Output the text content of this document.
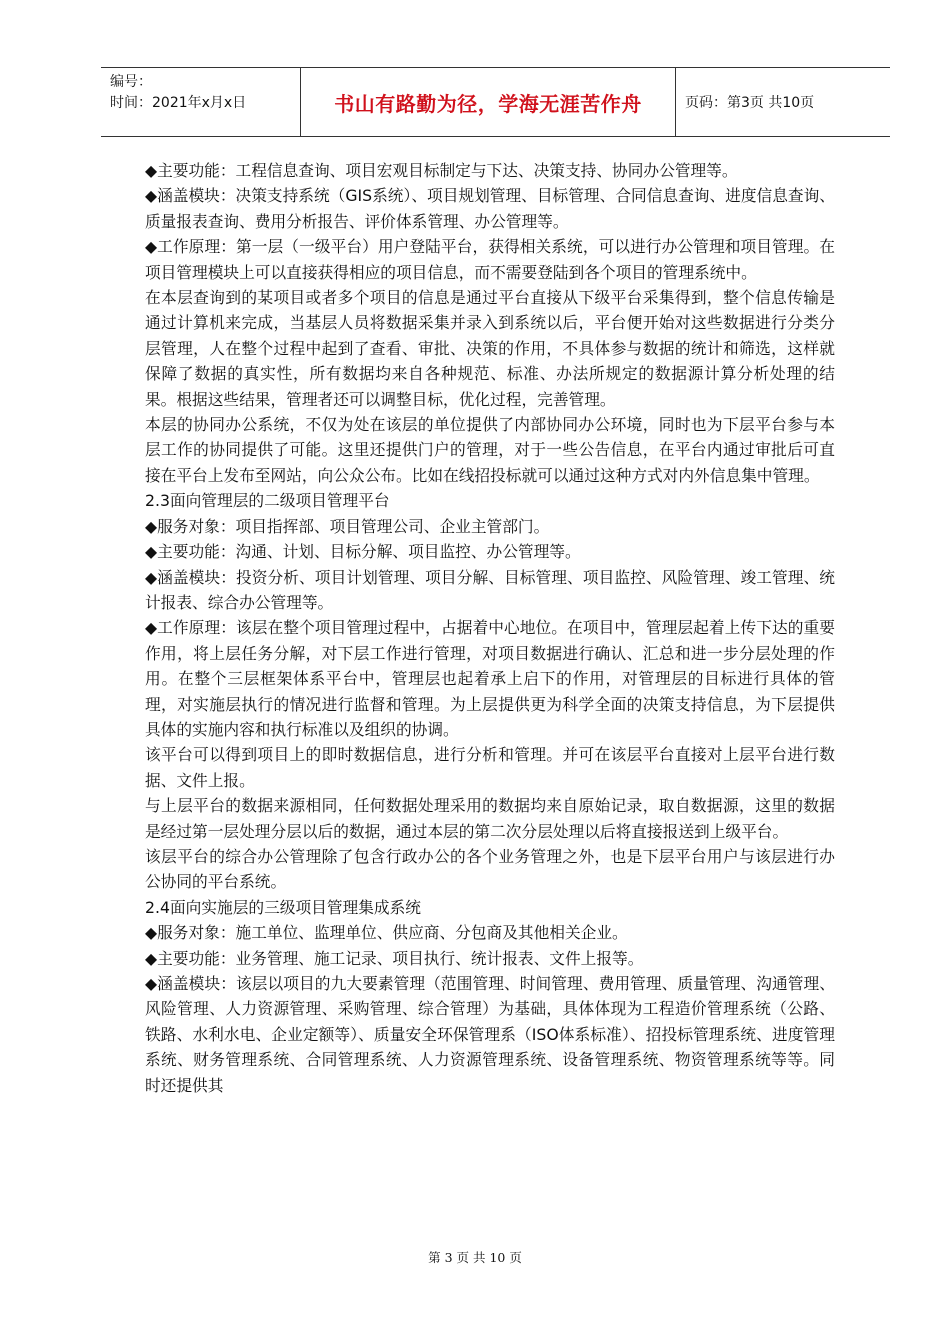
编号：
时间：2021年x月x日	书山有路勤为径，学海无涯苦作舟	页码：第3页 共10页

◆主要功能：工程信息查询、项目宏观目标制定与下达、决策支持、协同办公管理等。

◆涵盖模块：决策支持系统（GIS系统）、项目规划管理、目标管理、合同信息查询、进度信息查询、质量报表查询、费用分析报告、评价体系管理、办公管理等。

◆工作原理：第一层（一级平台）用户登陆平台，获得相关系统，可以进行办公管理和项目管理。在项目管理模块上可以直接获得相应的项目信息，而不需要登陆到各个项目的管理系统中。

在本层查询到的某项目或者多个项目的信息是通过平台直接从下级平台采集得到，整个信息传输是通过计算机来完成，当基层人员将数据采集并录入到系统以后，平台便开始对这些数据进行分类分层管理，人在整个过程中起到了查看、审批、决策的作用，不具体参与数据的统计和筛选，这样就保障了数据的真实性，所有数据均来自各种规范、标准、办法所规定的数据源计算分析处理的结果。根据这些结果，管理者还可以调整目标，优化过程，完善管理。

本层的协同办公系统，不仅为处在该层的单位提供了内部协同办公环境，同时也为下层平台参与本层工作的协同提供了可能。这里还提供门户的管理，对于一些公告信息，在平台内通过审批后可直接在平台上发布至网站，向公众公布。比如在线招投标就可以通过这种方式对内外信息集中管理。

2.3面向管理层的二级项目管理平台

◆服务对象：项目指挥部、项目管理公司、企业主管部门。

◆主要功能：沟通、计划、目标分解、项目监控、办公管理等。

◆涵盖模块：投资分析、项目计划管理、项目分解、目标管理、项目监控、风险管理、竣工管理、统计报表、综合办公管理等。

◆工作原理：该层在整个项目管理过程中，占据着中心地位。在项目中，管理层起着上传下达的重要作用，将上层任务分解，对下层工作进行管理，对项目数据进行确认、汇总和进一步分层处理的作用。在整个三层框架体系平台中，管理层也起着承上启下的作用，对管理层的目标进行具体的管理，对实施层执行的情况进行监督和管理。为上层提供更为科学全面的决策支持信息，为下层提供具体的实施内容和执行标准以及组织的协调。

该平台可以得到项目上的即时数据信息，进行分析和管理。并可在该层平台直接对上层平台进行数据、文件上报。

与上层平台的数据来源相同，任何数据处理采用的数据均来自原始记录，取自数据源，这里的数据是经过第一层处理分层以后的数据，通过本层的第二次分层处理以后将直接报送到上级平台。

该层平台的综合办公管理除了包含行政办公的各个业务管理之外，也是下层平台用户与该层进行办公协同的平台系统。

2.4面向实施层的三级项目管理集成系统

◆服务对象：施工单位、监理单位、供应商、分包商及其他相关企业。

◆主要功能：业务管理、施工记录、项目执行、统计报表、文件上报等。

◆涵盖模块：该层以项目的九大要素管理（范围管理、时间管理、费用管理、质量管理、沟通管理、风险管理、人力资源管理、采购管理、综合管理）为基础，具体体现为工程造价管理系统（公路、铁路、水利水电、企业定额等）、质量安全环保管理系（ISO体系标准）、招投标管理系统、进度管理系统、财务管理系统、合同管理系统、人力资源管理系统、设备管理系统、物资管理系统等等。同时还提供其

第 3 页 共 10 页
